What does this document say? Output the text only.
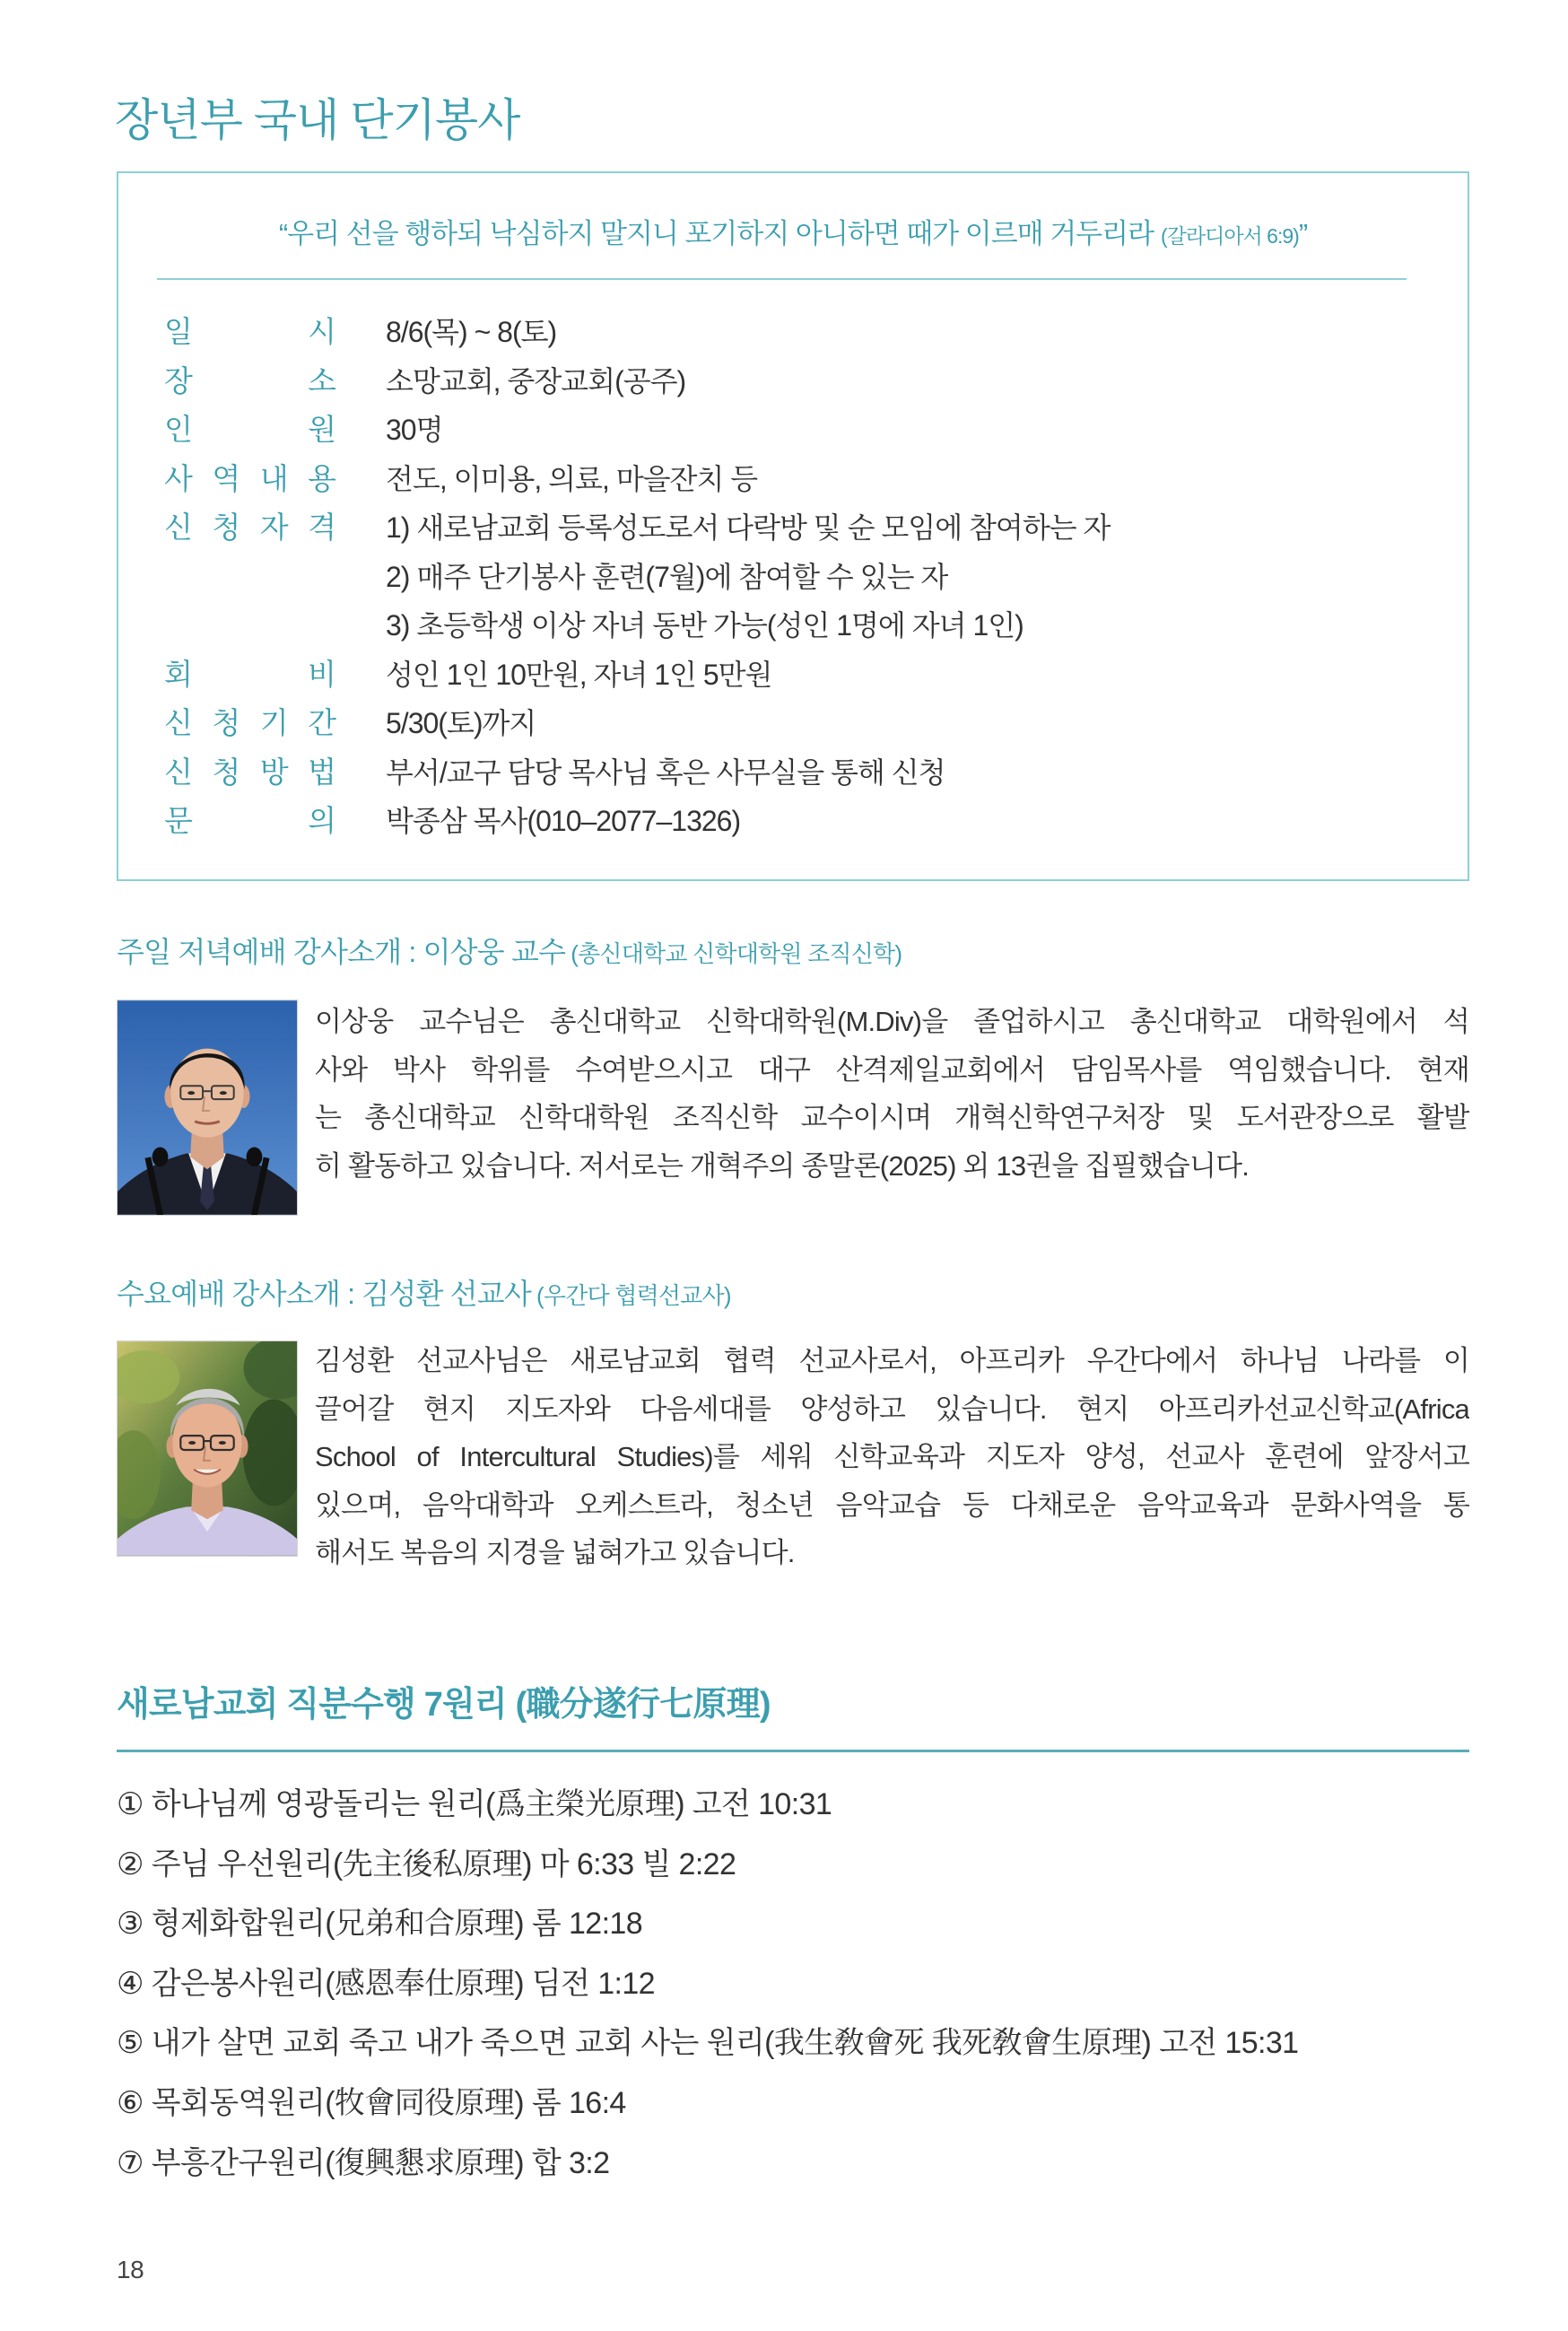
장년부 국내 단기봉사
“우리 선을 행하되 낙심하지 말지니 포기하지 아니하면 때가 이르매 거두리라 (갈라디아서 6:9)”
일 시 8/6(목) ~ 8(토)
장 소 소망교회, 중장교회(공주)
인 원 30명
사 역 내 용 전도, 이미용, 의료, 마을잔치 등
신 청 자 격 1) 새로남교회 등록성도로서 다락방 및 순 모임에 참여하는 자
2) 매주 단기봉사 훈련(7월)에 참여할 수 있는 자
3) 초등학생 이상 자녀 동반 가능(성인 1명에 자녀 1인)
회 비 성인 1인 10만원, 자녀 1인 5만원
신 청 기 간 5/30(토)까지
신 청 방 법 부서/교구 담당 목사님 혹은 사무실을 통해 신청
문 의 박종삼 목사(010–2077–1326)
주일 저녁예배 강사소개 : 이상웅 교수 (총신대학교 신학대학원 조직신학)
이상웅 교수님은 총신대학교 신학대학원(M.Div)을 졸업하시고 총신대학교 대학원에서 석
사와 박사 학위를 수여받으시고 대구 산격제일교회에서 담임목사를 역임했습니다. 현재
는 총신대학교 신학대학원 조직신학 교수이시며 개혁신학연구처장 및 도서관장으로 활발
히 활동하고 있습니다. 저서로는 개혁주의 종말론(2025) 외 13권을 집필했습니다.
수요예배 강사소개 : 김성환 선교사 (우간다 협력선교사)
김성환 선교사님은 새로남교회 협력 선교사로서, 아프리카 우간다에서 하나님 나라를 이
끌어갈 현지 지도자와 다음세대를 양성하고 있습니다. 현지 아프리카선교신학교(Africa
School of Intercultural Studies)를 세워 신학교육과 지도자 양성, 선교사 훈련에 앞장서고
있으며, 음악대학과 오케스트라, 청소년 음악교습 등 다채로운 음악교육과 문화사역을 통
해서도 복음의 지경을 넓혀가고 있습니다.
새로남교회 직분수행 7원리 (職分遂行七原理)
① 하나님께 영광돌리는 원리(爲主榮光原理) 고전 10:31
② 주님 우선원리(先主後私原理) 마 6:33 빌 2:22
③ 형제화합원리(兄弟和合原理) 롬 12:18
④ 감은봉사원리(感恩奉仕原理) 딤전 1:12
⑤ 내가 살면 교회 죽고 내가 죽으면 교회 사는 원리(我生敎會死 我死敎會生原理) 고전 15:31
⑥ 목회동역원리(牧會同役原理) 롬 16:4
⑦ 부흥간구원리(復興懇求原理) 합 3:2
18
